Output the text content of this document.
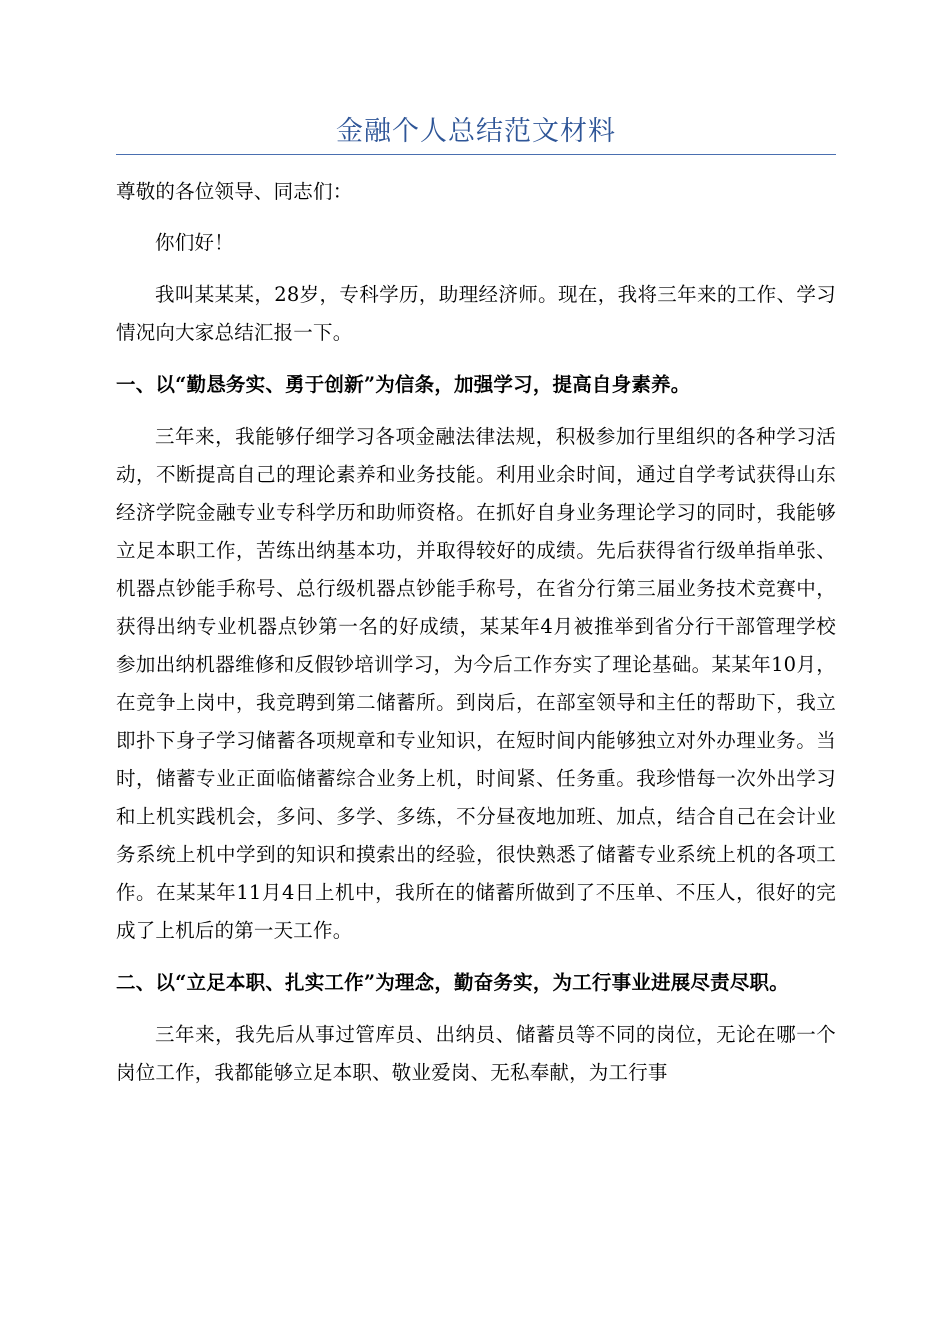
金融个人总结范文材料

尊敬的各位领导、同志们：

你们好！

我叫某某某，28岁，专科学历，助理经济师。现在，我将三年来的工作、学习情况向大家总结汇报一下。

一、以“勤恳务实、勇于创新”为信条，加强学习，提高自身素养。

三年来，我能够仔细学习各项金融法律法规，积极参加行里组织的各种学习活动，不断提高自己的理论素养和业务技能。利用业余时间，通过自学考试获得山东经济学院金融专业专科学历和助师资格。在抓好自身业务理论学习的同时，我能够立足本职工作，苦练出纳基本功，并取得较好的成绩。先后获得省行级单指单张、机器点钞能手称号、总行级机器点钞能手称号，在省分行第三届业务技术竞赛中，获得出纳专业机器点钞第一名的好成绩，某某年4月被推举到省分行干部管理学校参加出纳机器维修和反假钞培训学习，为今后工作夯实了理论基础。某某年10月，在竞争上岗中，我竞聘到第二储蓄所。到岗后，在部室领导和主任的帮助下，我立即扑下身子学习储蓄各项规章和专业知识，在短时间内能够独立对外办理业务。当时，储蓄专业正面临储蓄综合业务上机，时间紧、任务重。我珍惜每一次外出学习和上机实践机会，多问、多学、多练，不分昼夜地加班、加点，结合自己在会计业务系统上机中学到的知识和摸索出的经验，很快熟悉了储蓄专业系统上机的各项工作。在某某年11月4日上机中，我所在的储蓄所做到了不压单、不压人，很好的完成了上机后的第一天工作。

二、以“立足本职、扎实工作”为理念，勤奋务实，为工行事业进展尽责尽职。

三年来，我先后从事过管库员、出纳员、储蓄员等不同的岗位，无论在哪一个岗位工作，我都能够立足本职、敬业爱岗、无私奉献，为工行事
